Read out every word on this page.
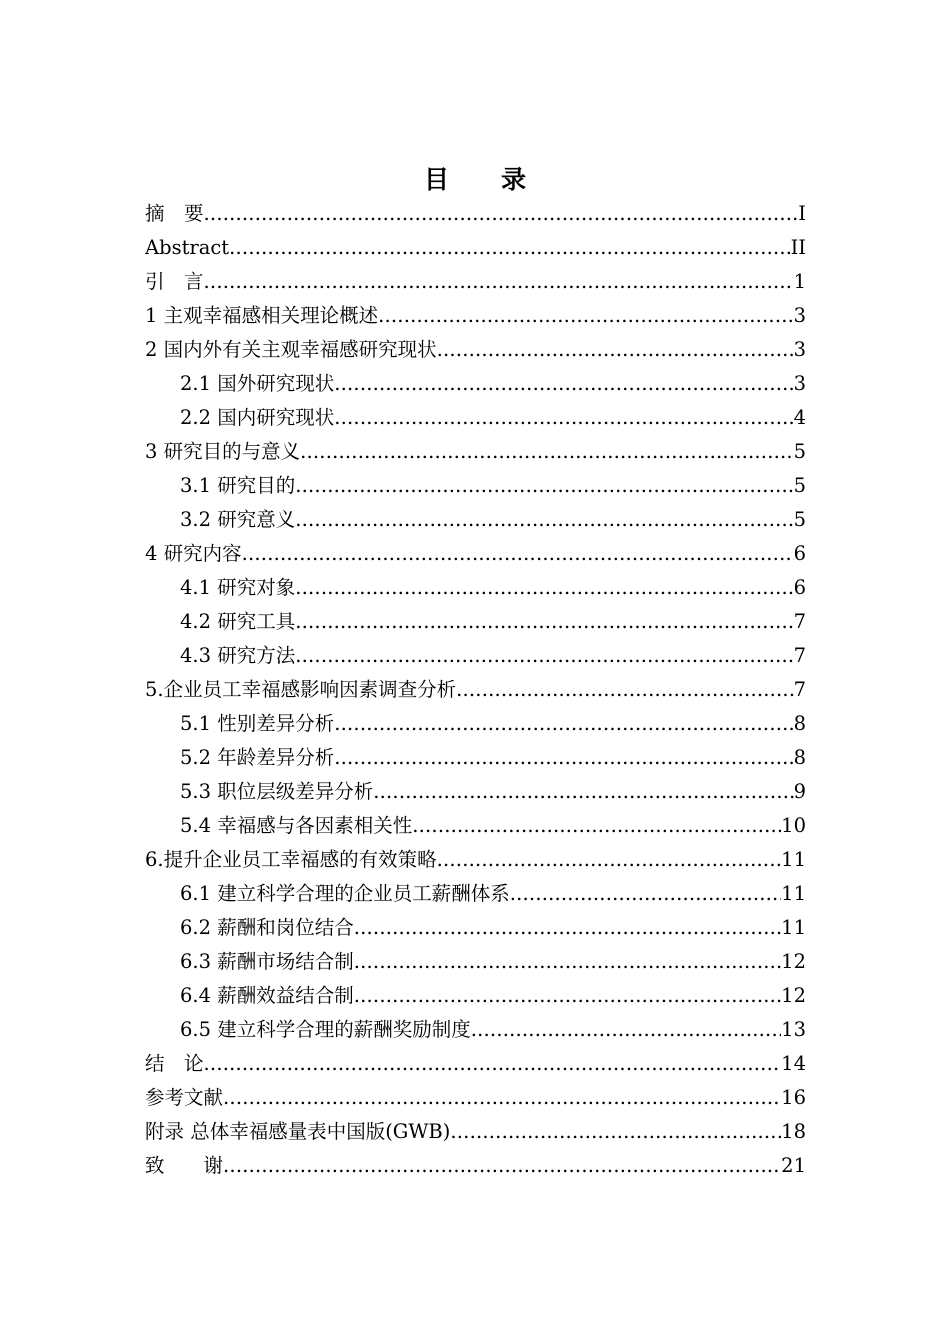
目 录
摘　要 .....	I
Abstract .....	II
引　言 .....	1
1 主观幸福感相关理论概述 .....	3
2 国内外有关主观幸福感研究现状 .....	3
2.1 国外研究现状 .....	3
2.2 国内研究现状 .....	4
3 研究目的与意义 .....	5
3.1 研究目的 .....	5
3.2 研究意义 .....	5
4 研究内容 .....	6
4.1 研究对象 .....	6
4.2 研究工具 .....	7
4.3 研究方法 .....	7
5.企业员工幸福感影响因素调查分析 .....	7
5.1 性别差异分析 .....	8
5.2 年龄差异分析 .....	8
5.3 职位层级差异分析 .....	9
5.4 幸福感与各因素相关性 .....	10
6.提升企业员工幸福感的有效策略 .....	11
6.1 建立科学合理的企业员工薪酬体系 .....	11
6.2 薪酬和岗位结合 .....	11
6.3 薪酬市场结合制 .....	12
6.4 薪酬效益结合制 .....	12
6.5 建立科学合理的薪酬奖励制度 .....	13
结　论 .....	14
参考文献 .....	16
附录 总体幸福感量表中国版(GWB) .....	18
致　　谢 .....	21
